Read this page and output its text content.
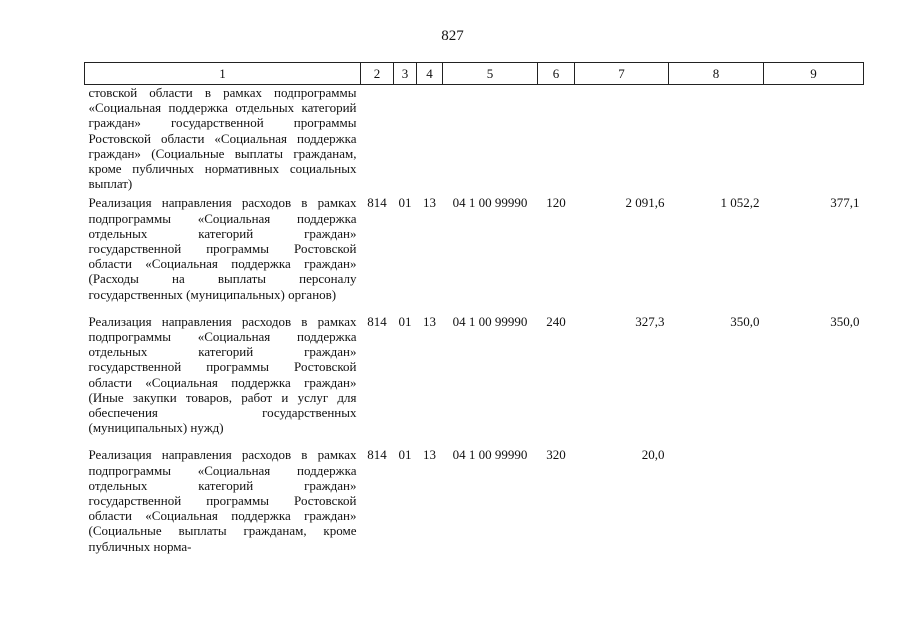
827
1	2	3	4	5	6	7	8	9
стовской области в рамках подпрограммы «Социальная поддержка отдельных категорий граждан» государственной программы Ростовской области «Социальная поддержка граждан» (Социальные выплаты гражданам, кроме публичных нормативных социальных выплат)								
Реализация направления расходов в рамках подпрограммы «Социальная поддержка отдельных категорий граждан» государственной программы Ростовской области «Социальная поддержка граждан» (Расходы на выплаты персоналу государственных (муниципальных) органов)	814	01	13	04 1 00 99990	120	2 091,6	1 052,2	377,1
Реализация направления расходов в рамках подпрограммы «Социальная поддержка отдельных категорий граждан» государственной программы Ростовской области «Социальная поддержка граждан» (Иные закупки товаров, работ и услуг для обеспечения государственных (муниципальных) нужд)	814	01	13	04 1 00 99990	240	327,3	350,0	350,0
Реализация направления расходов в рамках подпрограммы «Социальная поддержка отдельных категорий граждан» государственной программы Ростовской области «Социальная поддержка граждан» (Социальные выплаты гражданам, кроме публичных норма-	814	01	13	04 1 00 99990	320	20,0		
